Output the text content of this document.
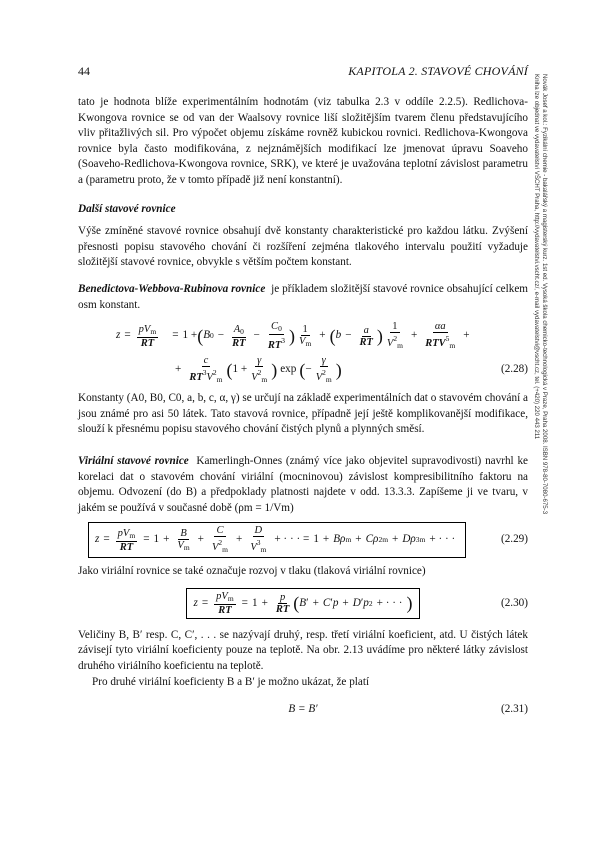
44	KAPITOLA 2. STAVOVÉ CHOVÁNÍ
Novák Josef a kol.: Fyzikální chemie - bakalářský a magisterský kurz. 1st ed. Vysoká škola chemicko-technologická v Praze, Praha 2008. ISBN 978-80-7080-675-3
Kniha lze objednat ve vydavatelství VŠCHT Praha, http://vydavatelstvi.vscht.cz/, e-mail vydavatelstvi@vscht.cz, tel. (+420) 220 443 211

tato je hodnota blíže experimentálním hodnotám (viz tabulka 2.3 v oddíle 2.2.5). Redlichova-Kwongova rovnice se od van der Waalsovy rovnice liší složitějším tvarem členu představujícího vliv přitažlivých sil. Pro výpočet objemu získáme rovněž kubickou rovnici. Redlichova-Kwongova rovnice byla často modifikována, z nejznámějších modifikací lze jmenovat úpravu Soaveho (Soaveho-Redlichova-Kwongova rovnice, SRK), ve které je uvažována teplotní závislost parametru a (parametru proto, že v tomto případě již není konstantní).

Další stavové rovnice

Výše zmíněné stavové rovnice obsahují dvě konstanty charakteristické pro každou látku. Zvýšení přesnosti popisu stavového chování či rozšíření zejména tlakového intervalu použití vyžaduje složitější stavové rovnice, obvykle s větším počtem konstant.

Benedictova-Webbova-Rubinova rovnice je příkladem složitější stavové rovnice obsahující celkem osm konstant.

$z = \frac{pV_m}{RT} = 1$ + ( B $0 - \frac{A_0}{RT} - \frac{C_0}{RT^3}$ ) $\frac{1}{V_m}$ + ( $b - \frac{a}{RT}$ ) $\frac{1}{V^2_m} + \frac{\alpha a}{RTV^5_m}$ +
+ $\frac{c}{RT^3V^2_m}$ ( $1 + \frac{\gamma}{V^2_m}$ ) exp ( − $\frac{\gamma}{V^2_m}$ )	(2.28)

Konstanty (A0, B0, C0, a, b, c, α, γ) se určují na základě experimentálních dat o stavovém chování a jsou známé pro asi 50 látek. Tato stavová rovnice, případně její ještě komplikovanější modifikace, slouží k přesnému popisu stavového chování čistých plynů a plynných směsí.

Viriální stavové rovnice Kamerlingh-Onnes (známý více jako objevitel supravodivosti) navrhl ke korelaci dat o stavovém chování viriální (mocninovou) závislost kompresibilitního faktoru na objemu. Odvození (do B) a předpoklady platnosti najdete v odd. 13.3.3. Zapíšeme ji ve tvaru, v jakém se používá v současné době (ρm = 1/Vm)

$z = \frac{pV_m}{RT} = 1 + \frac{B}{V_m} + \frac{C}{V^2_m} + \frac{D}{V^3_m}$ + · · · = 1 + Bρ m + Cρ 2 m + Dρ 3 m + · · ·	(2.29)

Jako viriální rovnice se také označuje rozvoj v tlaku (tlaková viriální rovnice)

$z = \frac{pV_m}{RT} = 1 + \frac{p}{RT}$ ( B ′ + C ′ p + D ′ p 2 + · · · )	(2.30)

Veličiny B, B′ resp. C, C′, . . . se nazývají druhý, resp. třetí viriální koeficient, atd. U čistých látek závisejí tyto viriální koeficienty pouze na teplotě. Na obr. 2.13 uvádíme pro některé látky závislost druhého viriálního koeficientu na teplotě.

Pro druhé viriální koeficienty B a B′ je možno ukázat, že platí

B = B′	(2.31)
